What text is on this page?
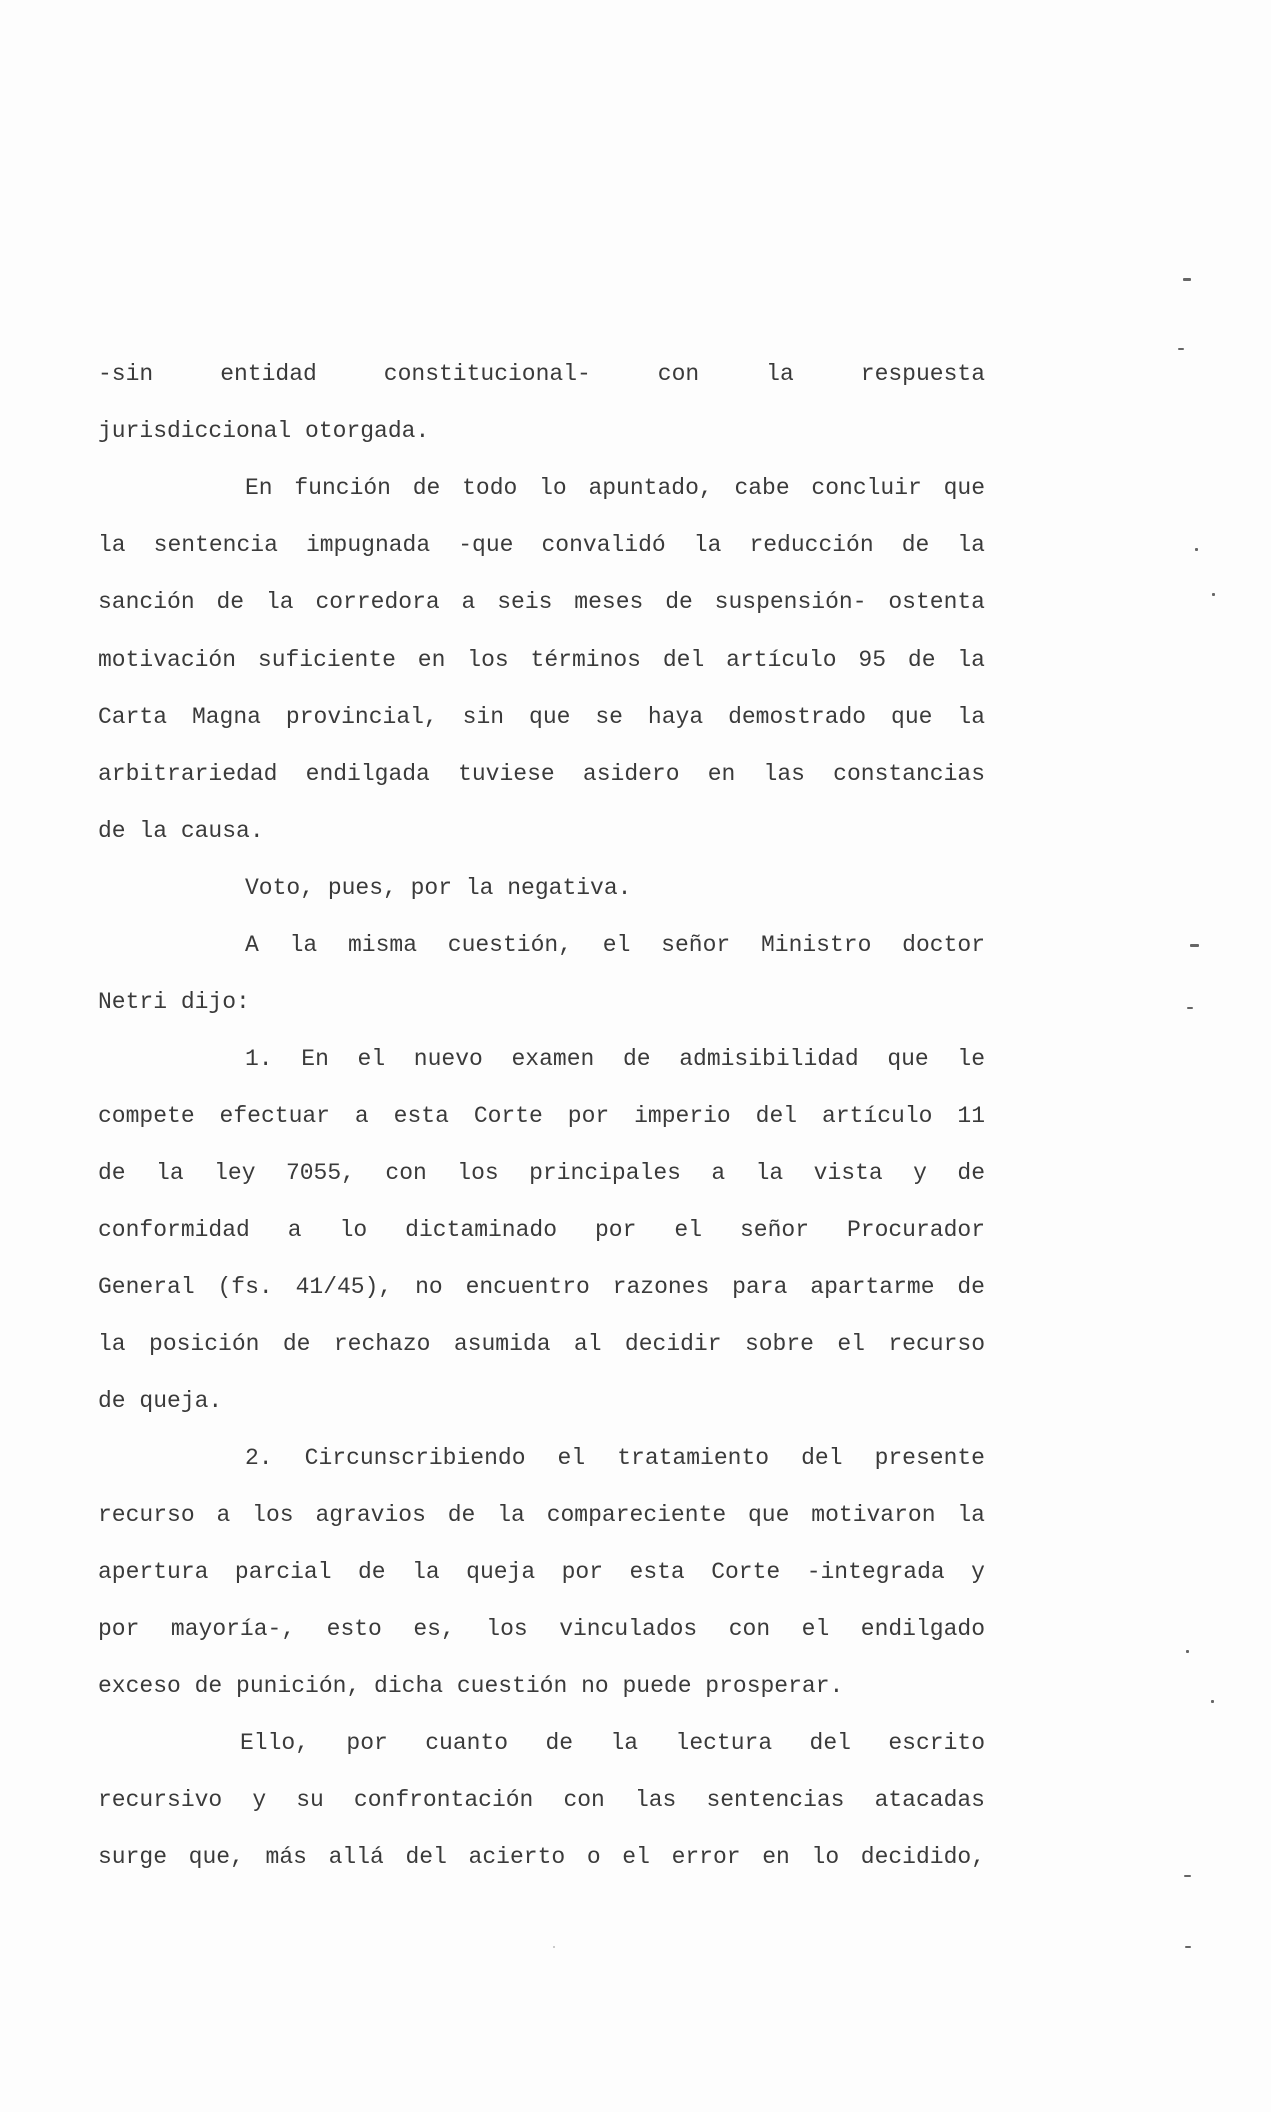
-sin entidad constitucional- con la respuesta
jurisdiccional otorgada.
En función de todo lo apuntado, cabe concluir que
la sentencia impugnada -que convalidó la reducción de la
sanción de la corredora a seis meses de suspensión- ostenta
motivación suficiente en los términos del artículo 95 de la
Carta Magna provincial, sin que se haya demostrado que la
arbitrariedad endilgada tuviese asidero en las constancias
de la causa.
Voto, pues, por la negativa.
A la misma cuestión, el señor Ministro doctor
Netri dijo:
1. En el nuevo examen de admisibilidad que le
compete efectuar a esta Corte por imperio del artículo 11
de la ley 7055, con los principales a la vista y de
conformidad a lo dictaminado por el señor Procurador
General (fs. 41/45), no encuentro razones para apartarme de
la posición de rechazo asumida al decidir sobre el recurso
de queja.
2. Circunscribiendo el tratamiento del presente
recurso a los agravios de la compareciente que motivaron la
apertura parcial de la queja por esta Corte -integrada y
por mayoría-, esto es, los vinculados con el endilgado
exceso de punición, dicha cuestión no puede prosperar.
Ello, por cuanto de la lectura del escrito
recursivo y su confrontación con las sentencias atacadas
surge que, más allá del acierto o el error en lo decidido,
